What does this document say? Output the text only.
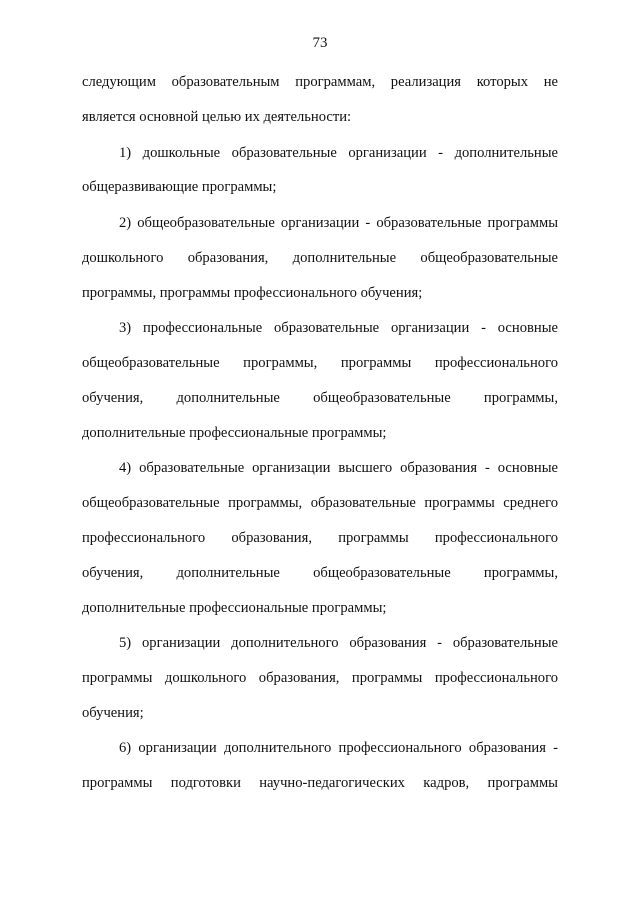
73
следующим образовательным программам, реализация которых не
является основной целью их деятельности:
1) дошкольные образовательные организации - дополнительные
общеразвивающие программы;
2) общеобразовательные организации - образовательные программы
дошкольного образования, дополнительные общеобразовательные
программы, программы профессионального обучения;
3) профессиональные образовательные организации - основные
общеобразовательные программы, программы профессионального
обучения, дополнительные общеобразовательные программы,
дополнительные профессиональные программы;
4) образовательные организации высшего образования - основные
общеобразовательные программы, образовательные программы среднего
профессионального образования, программы профессионального
обучения, дополнительные общеобразовательные программы,
дополнительные профессиональные программы;
5) организации дополнительного образования - образовательные
программы дошкольного образования, программы профессионального
обучения;
6) организации дополнительного профессионального образования -
программы подготовки научно-педагогических кадров, программы
